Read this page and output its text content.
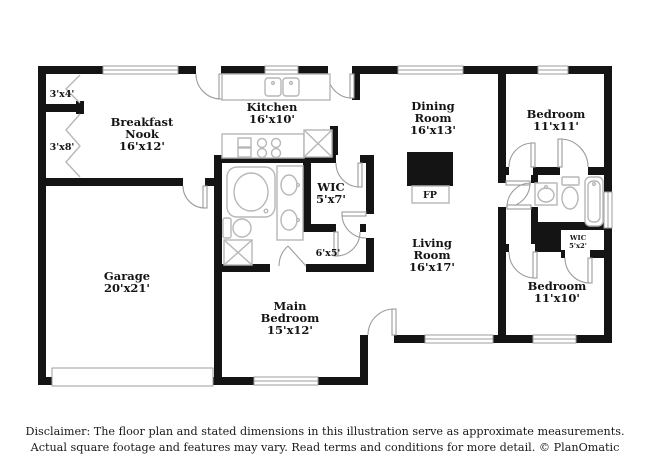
Breakfast
Nook
16'x12'
Kitchen
16'x10'
Dining
Room
16'x13'
Bedroom
11'x11'
Living
Room
16'x17'
Garage
20'x21'
Main
Bedroom
15'x12'
Bedroom
11'x10'
WIC
5'x7'
WIC
5'x2'
3'x4'
3'x8'
6'x5'
FP
Disclaimer: The floor plan and stated dimensions in this illustration serve as approximate measurements.
Actual square footage and features may vary. Read terms and conditions for more detail. © PlanOmatic
